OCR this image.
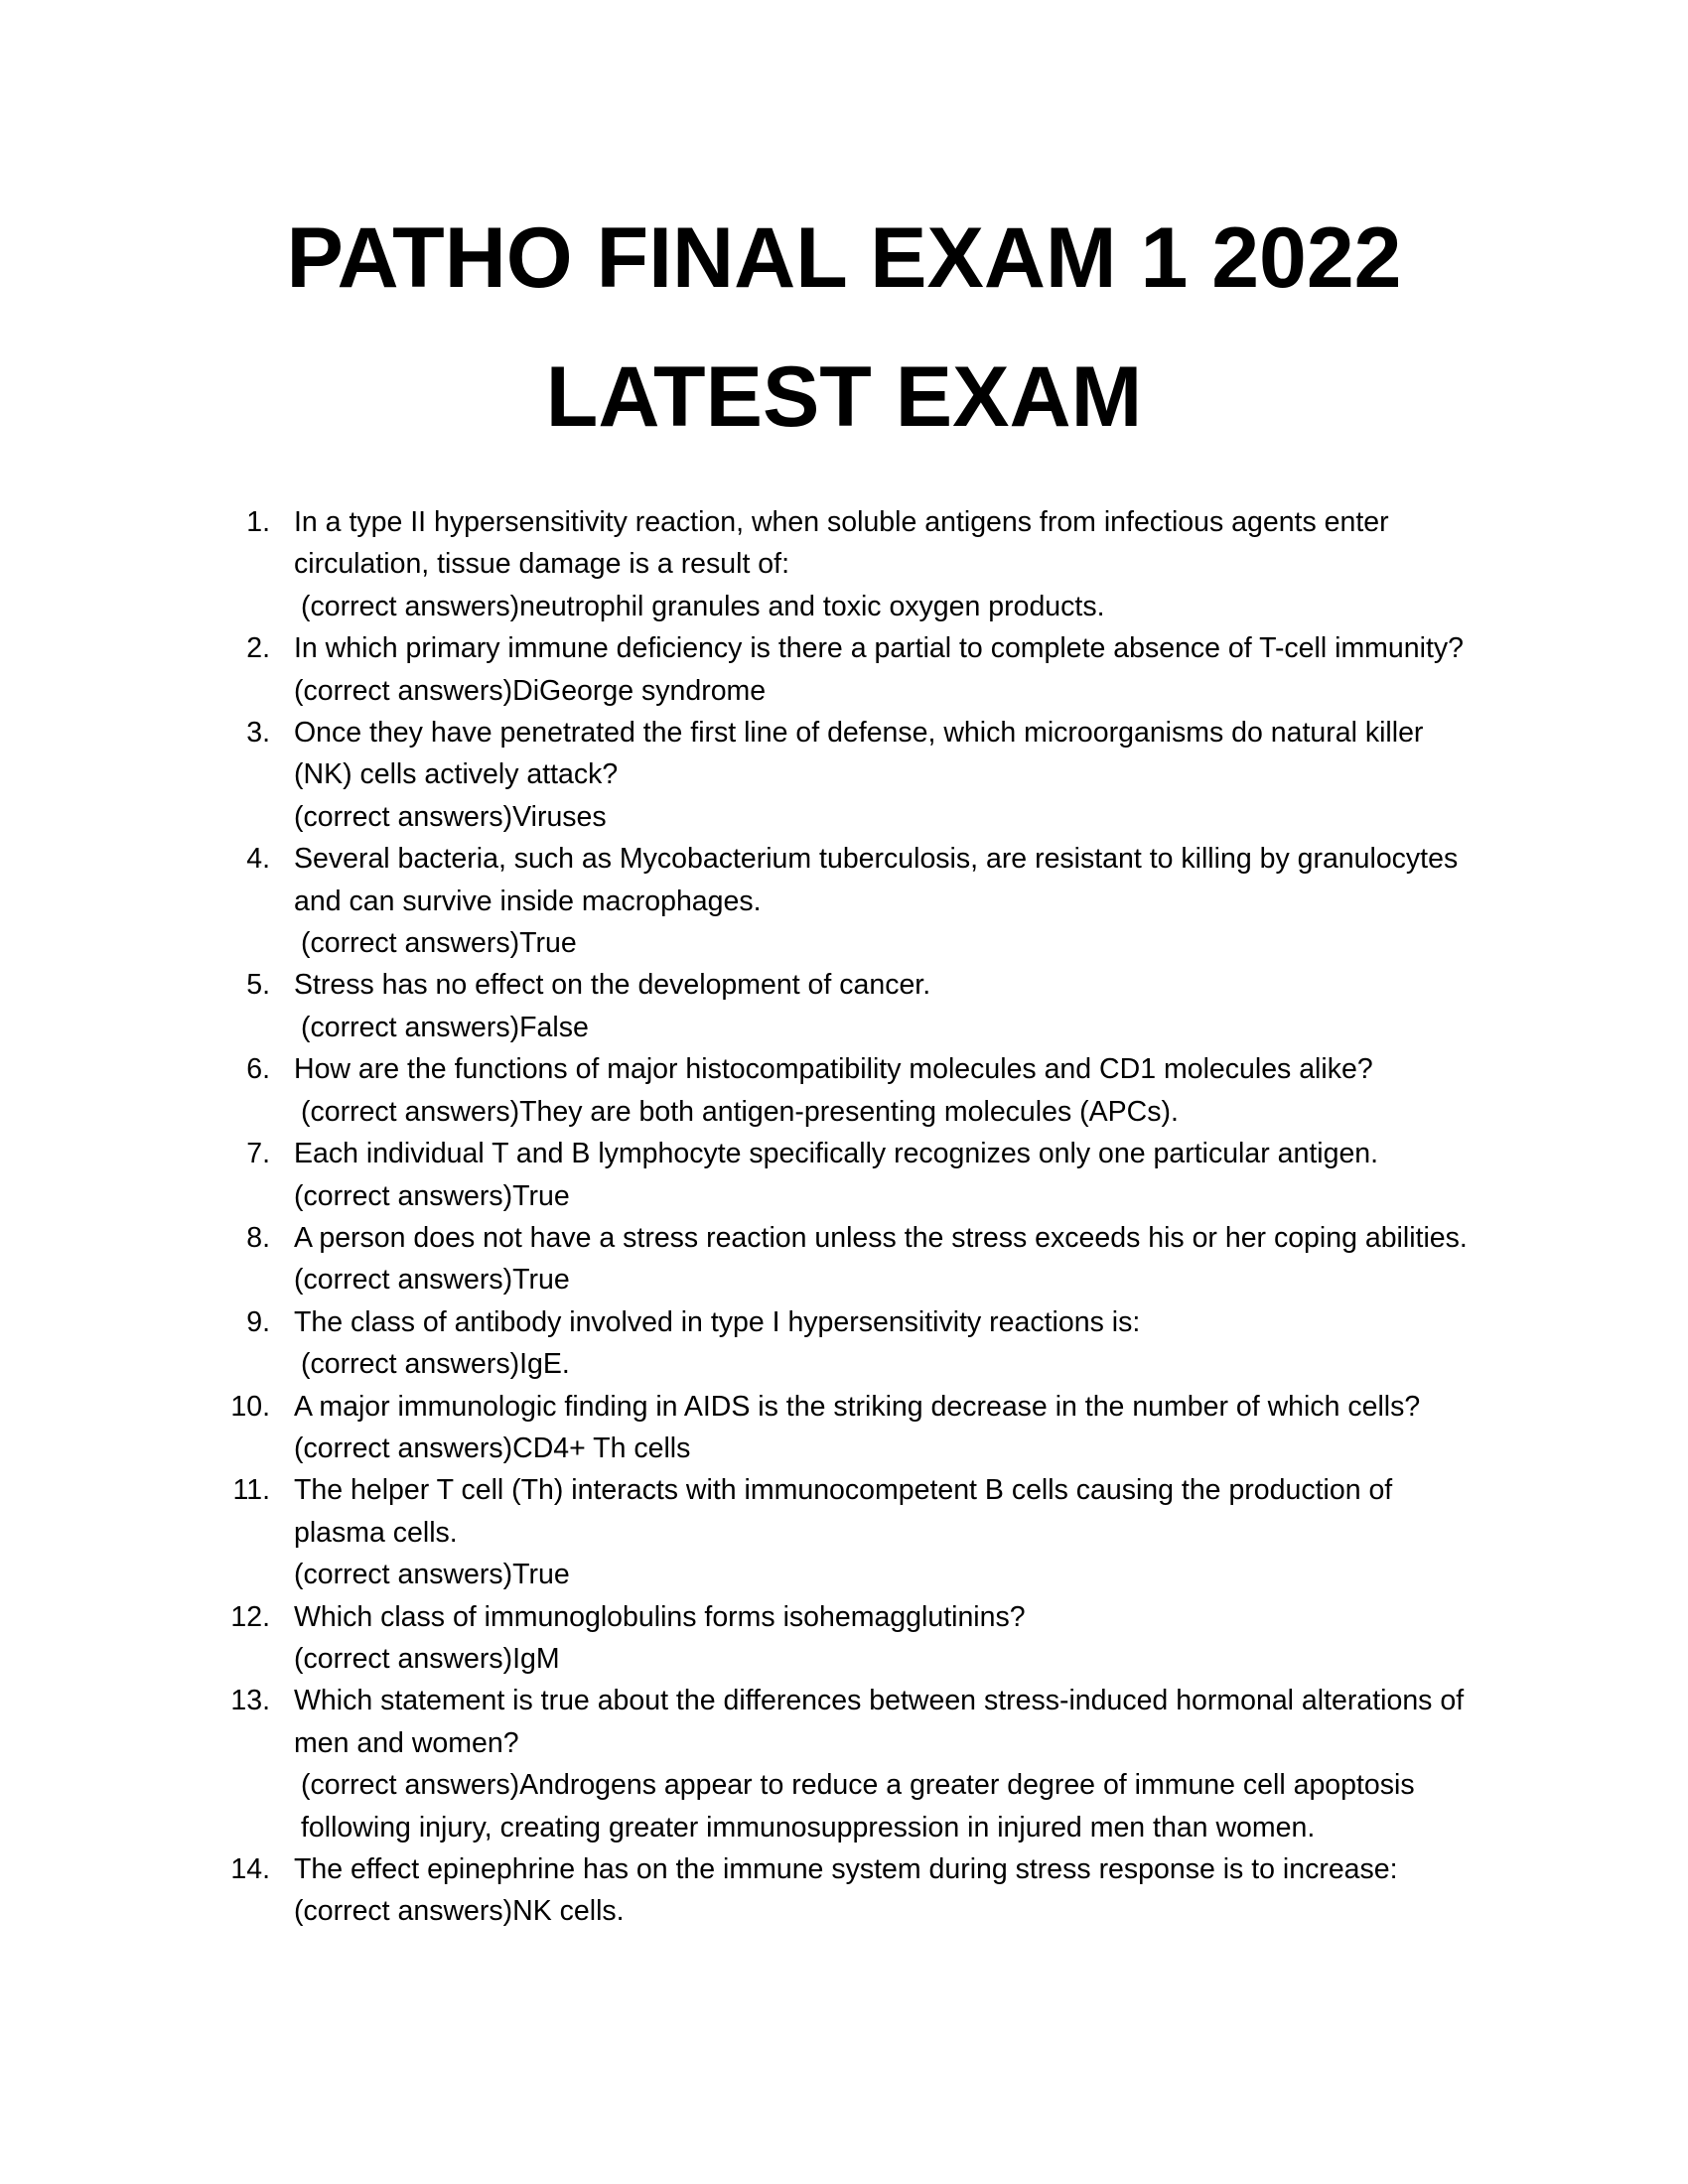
PATHO FINAL EXAM 1 2022
LATEST EXAM
1. In a type II hypersensitivity reaction, when soluble antigens from infectious agents enter circulation, tissue damage is a result of:
(correct answers)neutrophil granules and toxic oxygen products.
2. In which primary immune deficiency is there a partial to complete absence of T-cell immunity?
(correct answers)DiGeorge syndrome
3. Once they have penetrated the first line of defense, which microorganisms do natural killer (NK) cells actively attack?
(correct answers)Viruses
4. Several bacteria, such as Mycobacterium tuberculosis, are resistant to killing by granulocytes and can survive inside macrophages.
(correct answers)True
5. Stress has no effect on the development of cancer.
(correct answers)False
6. How are the functions of major histocompatibility molecules and CD1 molecules alike?
(correct answers)They are both antigen-presenting molecules (APCs).
7. Each individual T and B lymphocyte specifically recognizes only one particular antigen.
(correct answers)True
8. A person does not have a stress reaction unless the stress exceeds his or her coping abilities.
(correct answers)True
9. The class of antibody involved in type I hypersensitivity reactions is:
(correct answers)IgE.
10. A major immunologic finding in AIDS is the striking decrease in the number of which cells?
(correct answers)CD4+ Th cells
11. The helper T cell (Th) interacts with immunocompetent B cells causing the production of plasma cells.
(correct answers)True
12. Which class of immunoglobulins forms isohemagglutinins?
(correct answers)IgM
13. Which statement is true about the differences between stress-induced hormonal alterations of men and women?
(correct answers)Androgens appear to reduce a greater degree of immune cell apoptosis following injury, creating greater immunosuppression in injured men than women.
14. The effect epinephrine has on the immune system during stress response is to increase:
(correct answers)NK cells.
